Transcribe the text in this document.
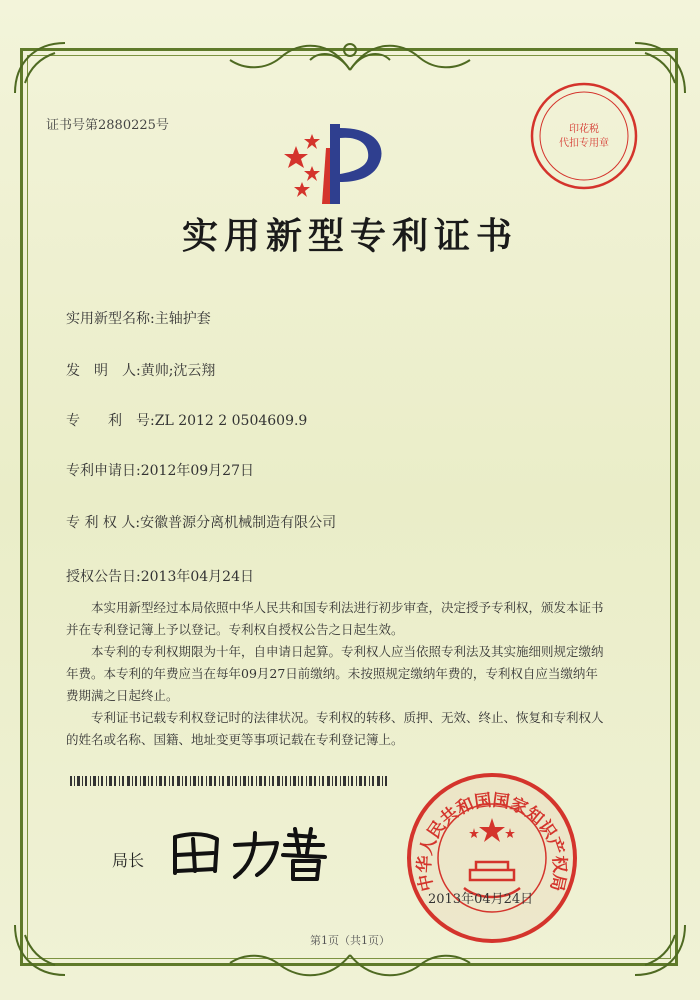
证书号第2880225号	印花税
代扣专用章
实用新型专利证书
实用新型名称:主轴护套
发　明　人:黄帅;沈云翔
专　　利　号:ZL 2012 2 0504609.9
专利申请日:2012年09月27日
专 利 权 人:安徽普源分离机械制造有限公司
授权公告日:2013年04月24日

本实用新型经过本局依照中华人民共和国专利法进行初步审查，决定授予专利权，颁发本证书并在专利登记簿上予以登记。专利权自授权公告之日起生效。

本专利的专利权期限为十年，自申请日起算。专利权人应当依照专利法及其实施细则规定缴纳年费。本专利的年费应当在每年09月27日前缴纳。未按照规定缴纳年费的，专利权自应当缴纳年费期满之日起终止。

专利证书记载专利权登记时的法律状况。专利权的转移、质押、无效、终止、恢复和专利权人的姓名或名称、国籍、地址变更等事项记载在专利登记簿上。

局长
中华人民共和国国家知识产权局
2013年04月24日
第1页（共1页）
